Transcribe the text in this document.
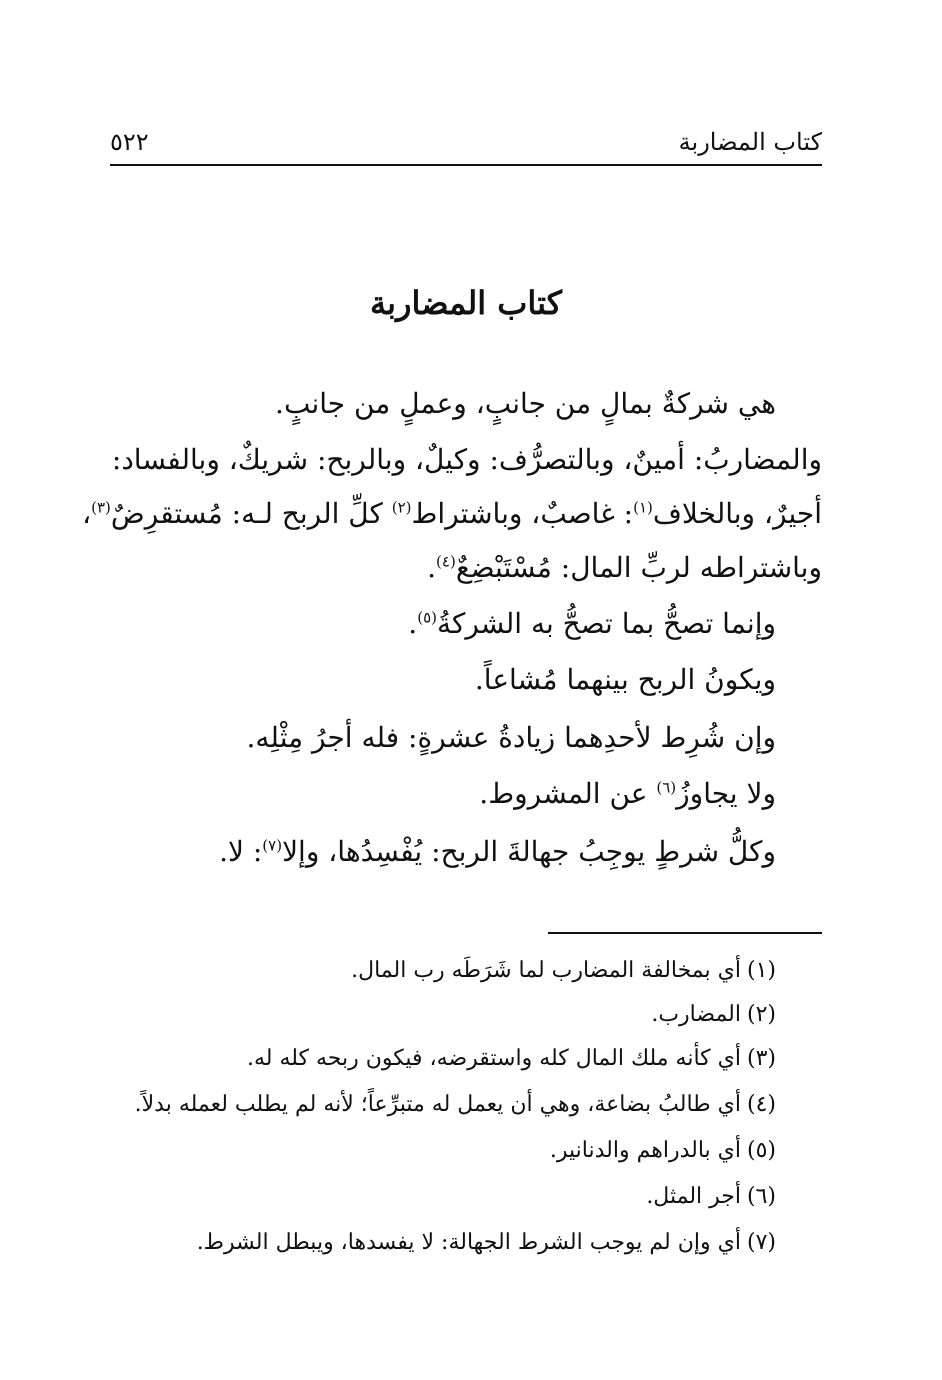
كتاب المضاربة
٥٢٢
كتاب المضاربة
هي شركةٌ بمالٍ من جانبٍ، وعملٍ من جانبٍ.
والمضاربُ: أمينٌ، وبالتصرُّف: وكيلٌ، وبالربح: شريكٌ، وبالفساد:
أجيرٌ، وبالخلاف$^{(١)}$: غاصبٌ، وباشتراط$^{(٢)}$ كلِّ الربح لـه: مُستقرِضٌ$^{(٣)}$،
وباشتراطه لربِّ المال: مُسْتَبْضِعٌ$^{(٤)}$.
وإنما تصحُّ بما تصحُّ به الشركةُ$^{(٥)}$.
ويكونُ الربح بينهما مُشاعاً.
وإن شُرِط لأحدِهما زيادةُ عشرةٍ: فله أجرُ مِثْلِه.
ولا يجاوزُ$^{(٦)}$ عن المشروط.
وكلُّ شرطٍ يوجِبُ جهالةَ الربح: يُفْسِدُها، وإلا$^{(٧)}$: لا.
(١)أي بمخالفة المضارب لما شَرَطَه رب المال.
(٢)المضارب.
(٣)أي كأنه ملك المال كله واستقرضه، فيكون ربحه كله له.
(٤)أي طالبُ بضاعة، وهي أن يعمل له متبرِّعاً؛ لأنه لم يطلب لعمله بدلاً.
(٥)أي بالدراهم والدنانير.
(٦)أجر المثل.
(٧)أي وإن لم يوجب الشرط الجهالة: لا يفسدها، ويبطل الشرط.
